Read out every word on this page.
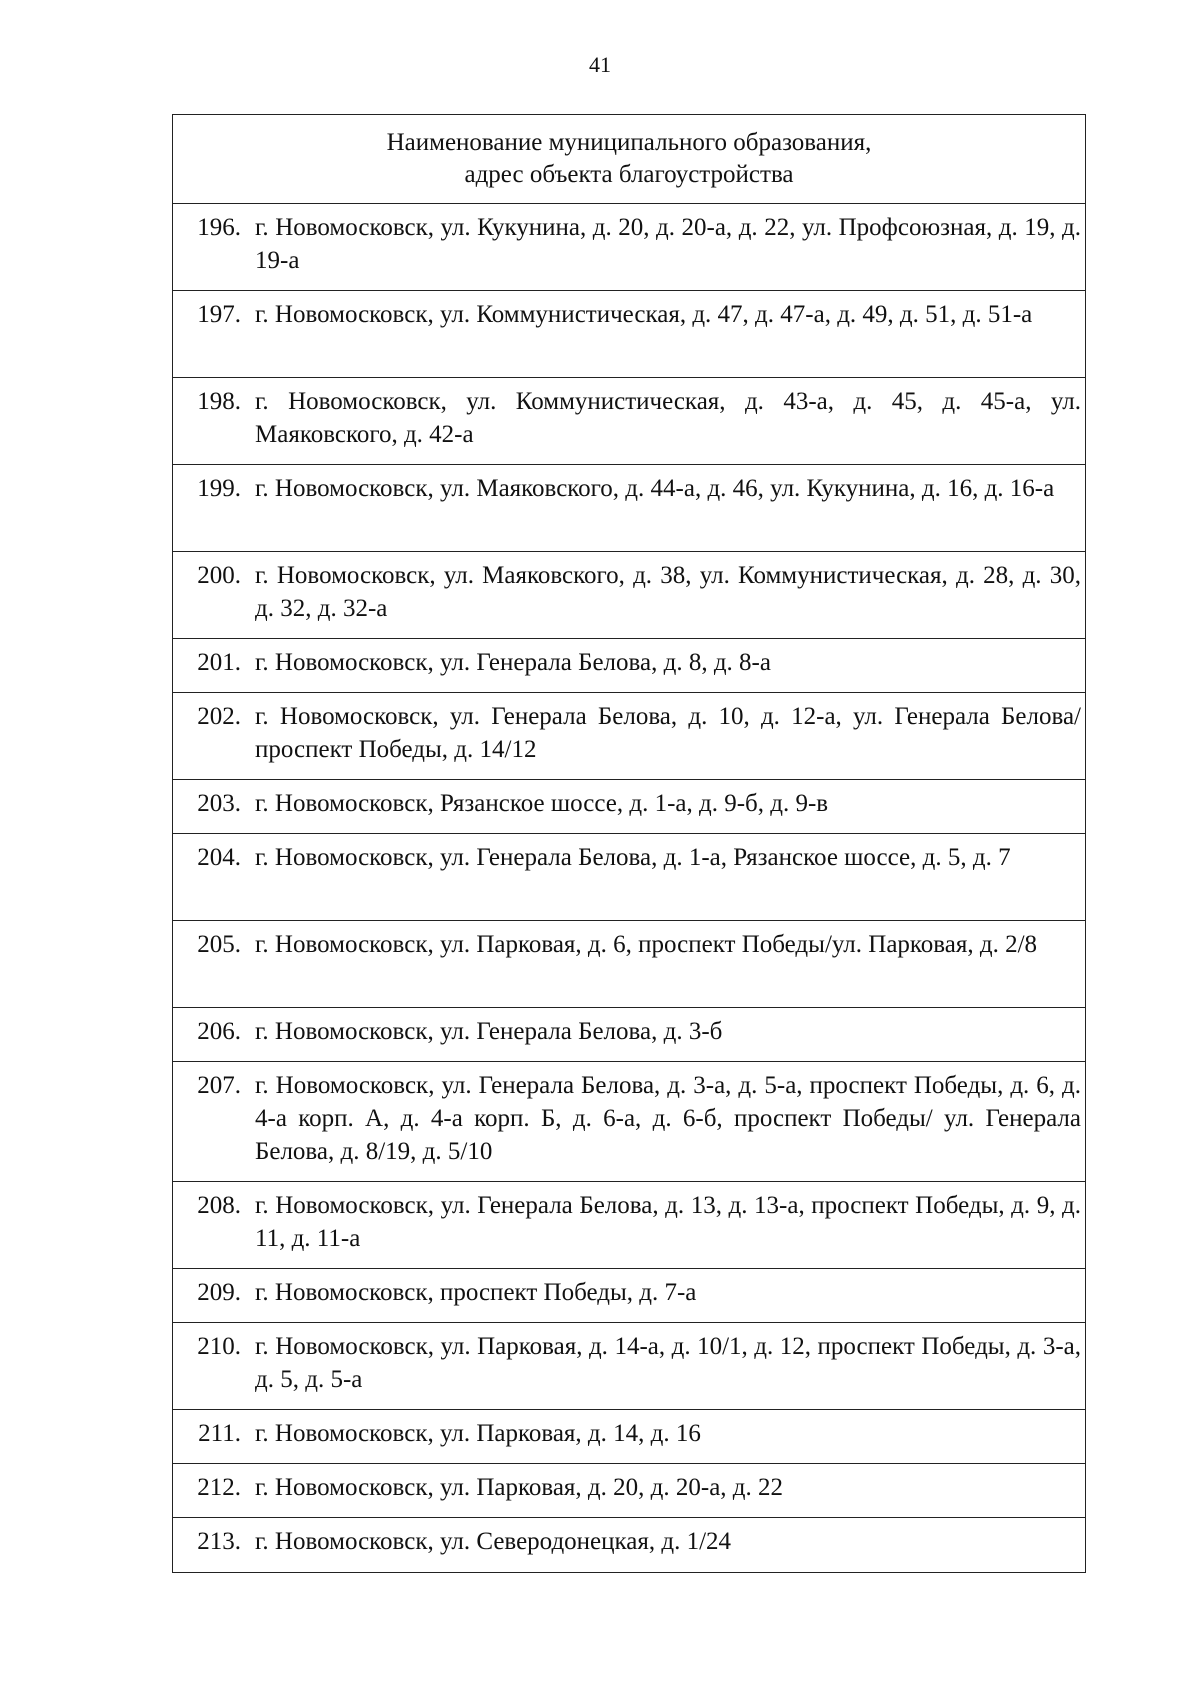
41
Наименование муниципального образования,
адрес объекта благоустройства
196. г. Новомосковск, ул. Кукунина, д. 20, д. 20-а, д. 22, ул. Профсоюзная, д. 19, д. 19-а
197. г. Новомосковск, ул. Коммунистическая, д. 47, д. 47-а, д. 49, д. 51, д. 51-а
198. г. Новомосковск, ул. Коммунистическая, д. 43-а, д. 45, д. 45-а, ул. Маяковского, д. 42-а
199. г. Новомосковск, ул. Маяковского, д. 44-а, д. 46, ул. Кукунина, д. 16, д. 16-а
200. г. Новомосковск, ул. Маяковского, д. 38, ул. Коммунистическая, д. 28, д. 30, д. 32, д. 32-а
201. г. Новомосковск, ул. Генерала Белова, д. 8, д. 8-а
202. г. Новомосковск, ул. Генерала Белова, д. 10, д. 12-а, ул. Генерала Белова/проспект Победы, д. 14/12
203. г. Новомосковск, Рязанское шоссе, д. 1-а, д. 9-б, д. 9-в
204. г. Новомосковск, ул. Генерала Белова, д. 1-а, Рязанское шоссе, д. 5, д. 7
205. г. Новомосковск, ул. Парковая, д. 6, проспект Победы/ул. Парковая, д. 2/8
206. г. Новомосковск, ул. Генерала Белова, д. 3-б
207. г. Новомосковск, ул. Генерала Белова, д. 3-а, д. 5-а, проспект Победы, д. 6, д. 4-а корп. А, д. 4-а корп. Б, д. 6-а, д. 6-б, проспект Победы/ ул. Генерала Белова, д. 8/19, д. 5/10
208. г. Новомосковск, ул. Генерала Белова, д. 13, д. 13-а, проспект Победы, д. 9, д. 11, д. 11-а
209. г. Новомосковск, проспект Победы, д. 7-а
210. г. Новомосковск, ул. Парковая, д. 14-а, д. 10/1, д. 12, проспект Победы, д. 3-а, д. 5, д. 5-а
211. г. Новомосковск, ул. Парковая, д. 14, д. 16
212. г. Новомосковск, ул. Парковая, д. 20, д. 20-а, д. 22
213. г. Новомосковск, ул. Северодонецкая, д. 1/24
